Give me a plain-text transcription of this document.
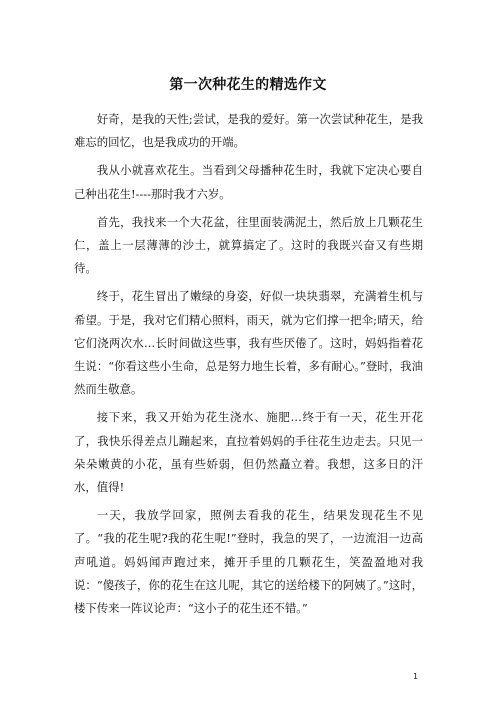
第一次种花生的精选作文

好奇，是我的天性;尝试，是我的爱好。第一次尝试种花生，是我难忘的回忆，也是我成功的开端。

我从小就喜欢花生。当看到父母播种花生时，我就下定决心要自己种出花生!----那时我才六岁。

首先，我找来一个大花盆，往里面装满泥土，然后放上几颗花生仁，盖上一层薄薄的沙土，就算搞定了。这时的我既兴奋又有些期待。

终于，花生冒出了嫩绿的身姿，好似一块块翡翠，充满着生机与希望。于是，我对它们精心照料，雨天，就为它们撑一把伞;晴天，给它们浇两次水…长时间做这些事，我有些厌倦了。这时，妈妈指着花生说：“你看这些小生命，总是努力地生长着，多有耐心。”登时，我油然而生敬意。

接下来，我又开始为花生浇水、施肥…终于有一天，花生开花了，我快乐得差点儿蹦起来，直拉着妈妈的手往花生边走去。只见一朵朵嫩黄的小花，虽有些娇弱，但仍然矗立着。我想，这多日的汗水，值得!

一天，我放学回家，照例去看我的花生，结果发现花生不见了。“我的花生呢?我的花生呢!”登时，我急的哭了，一边流泪一边高声吼道。妈妈闻声跑过来，摊开手里的几颗花生，笑盈盈地对我说：“傻孩子，你的花生在这儿呢，其它的送给楼下的阿姨了。”这时，楼下传来一阵议论声：“这小子的花生还不错。”

1
